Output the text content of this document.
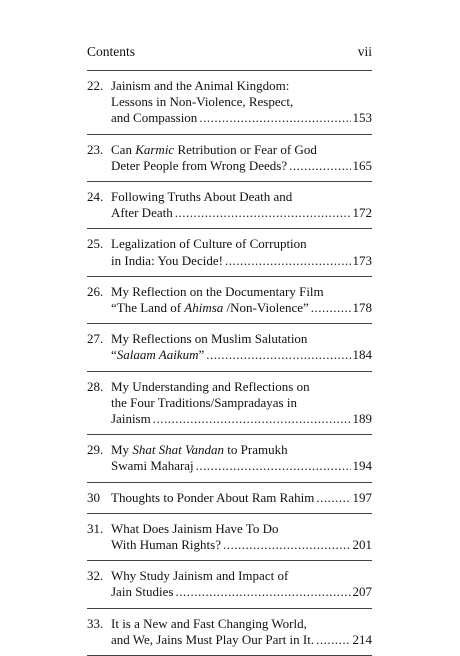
Contents	vii
22. Jainism and the Animal Kingdom:
Lessons in Non-Violence, Respect,
and Compassion .....	153
23. Can Karmic Retribution or Fear of God
Deter People from Wrong Deeds? .....	165
24. Following Truths About Death and
After Death .....	172
25. Legalization of Culture of Corruption
in India: You Decide! .....	173
26. My Reflection on the Documentary Film
“The Land of Ahimsa /Non-Violence” .....	178
27. My Reflections on Muslim Salutation
“Salaam Aaikum” .....	184
28. My Understanding and Reflections on
the Four Traditions/Sampradayas in
Jainism .....	189
29. My Shat Shat Vandan to Pramukh
Swami Maharaj .....	194
30 Thoughts to Ponder About Ram Rahim .....	197
31. What Does Jainism Have To Do
With Human Rights? .....	201
32. Why Study Jainism and Impact of
Jain Studies .....	207
33. It is a New and Fast Changing World,
and We, Jains Must Play Our Part in It. .....	214
